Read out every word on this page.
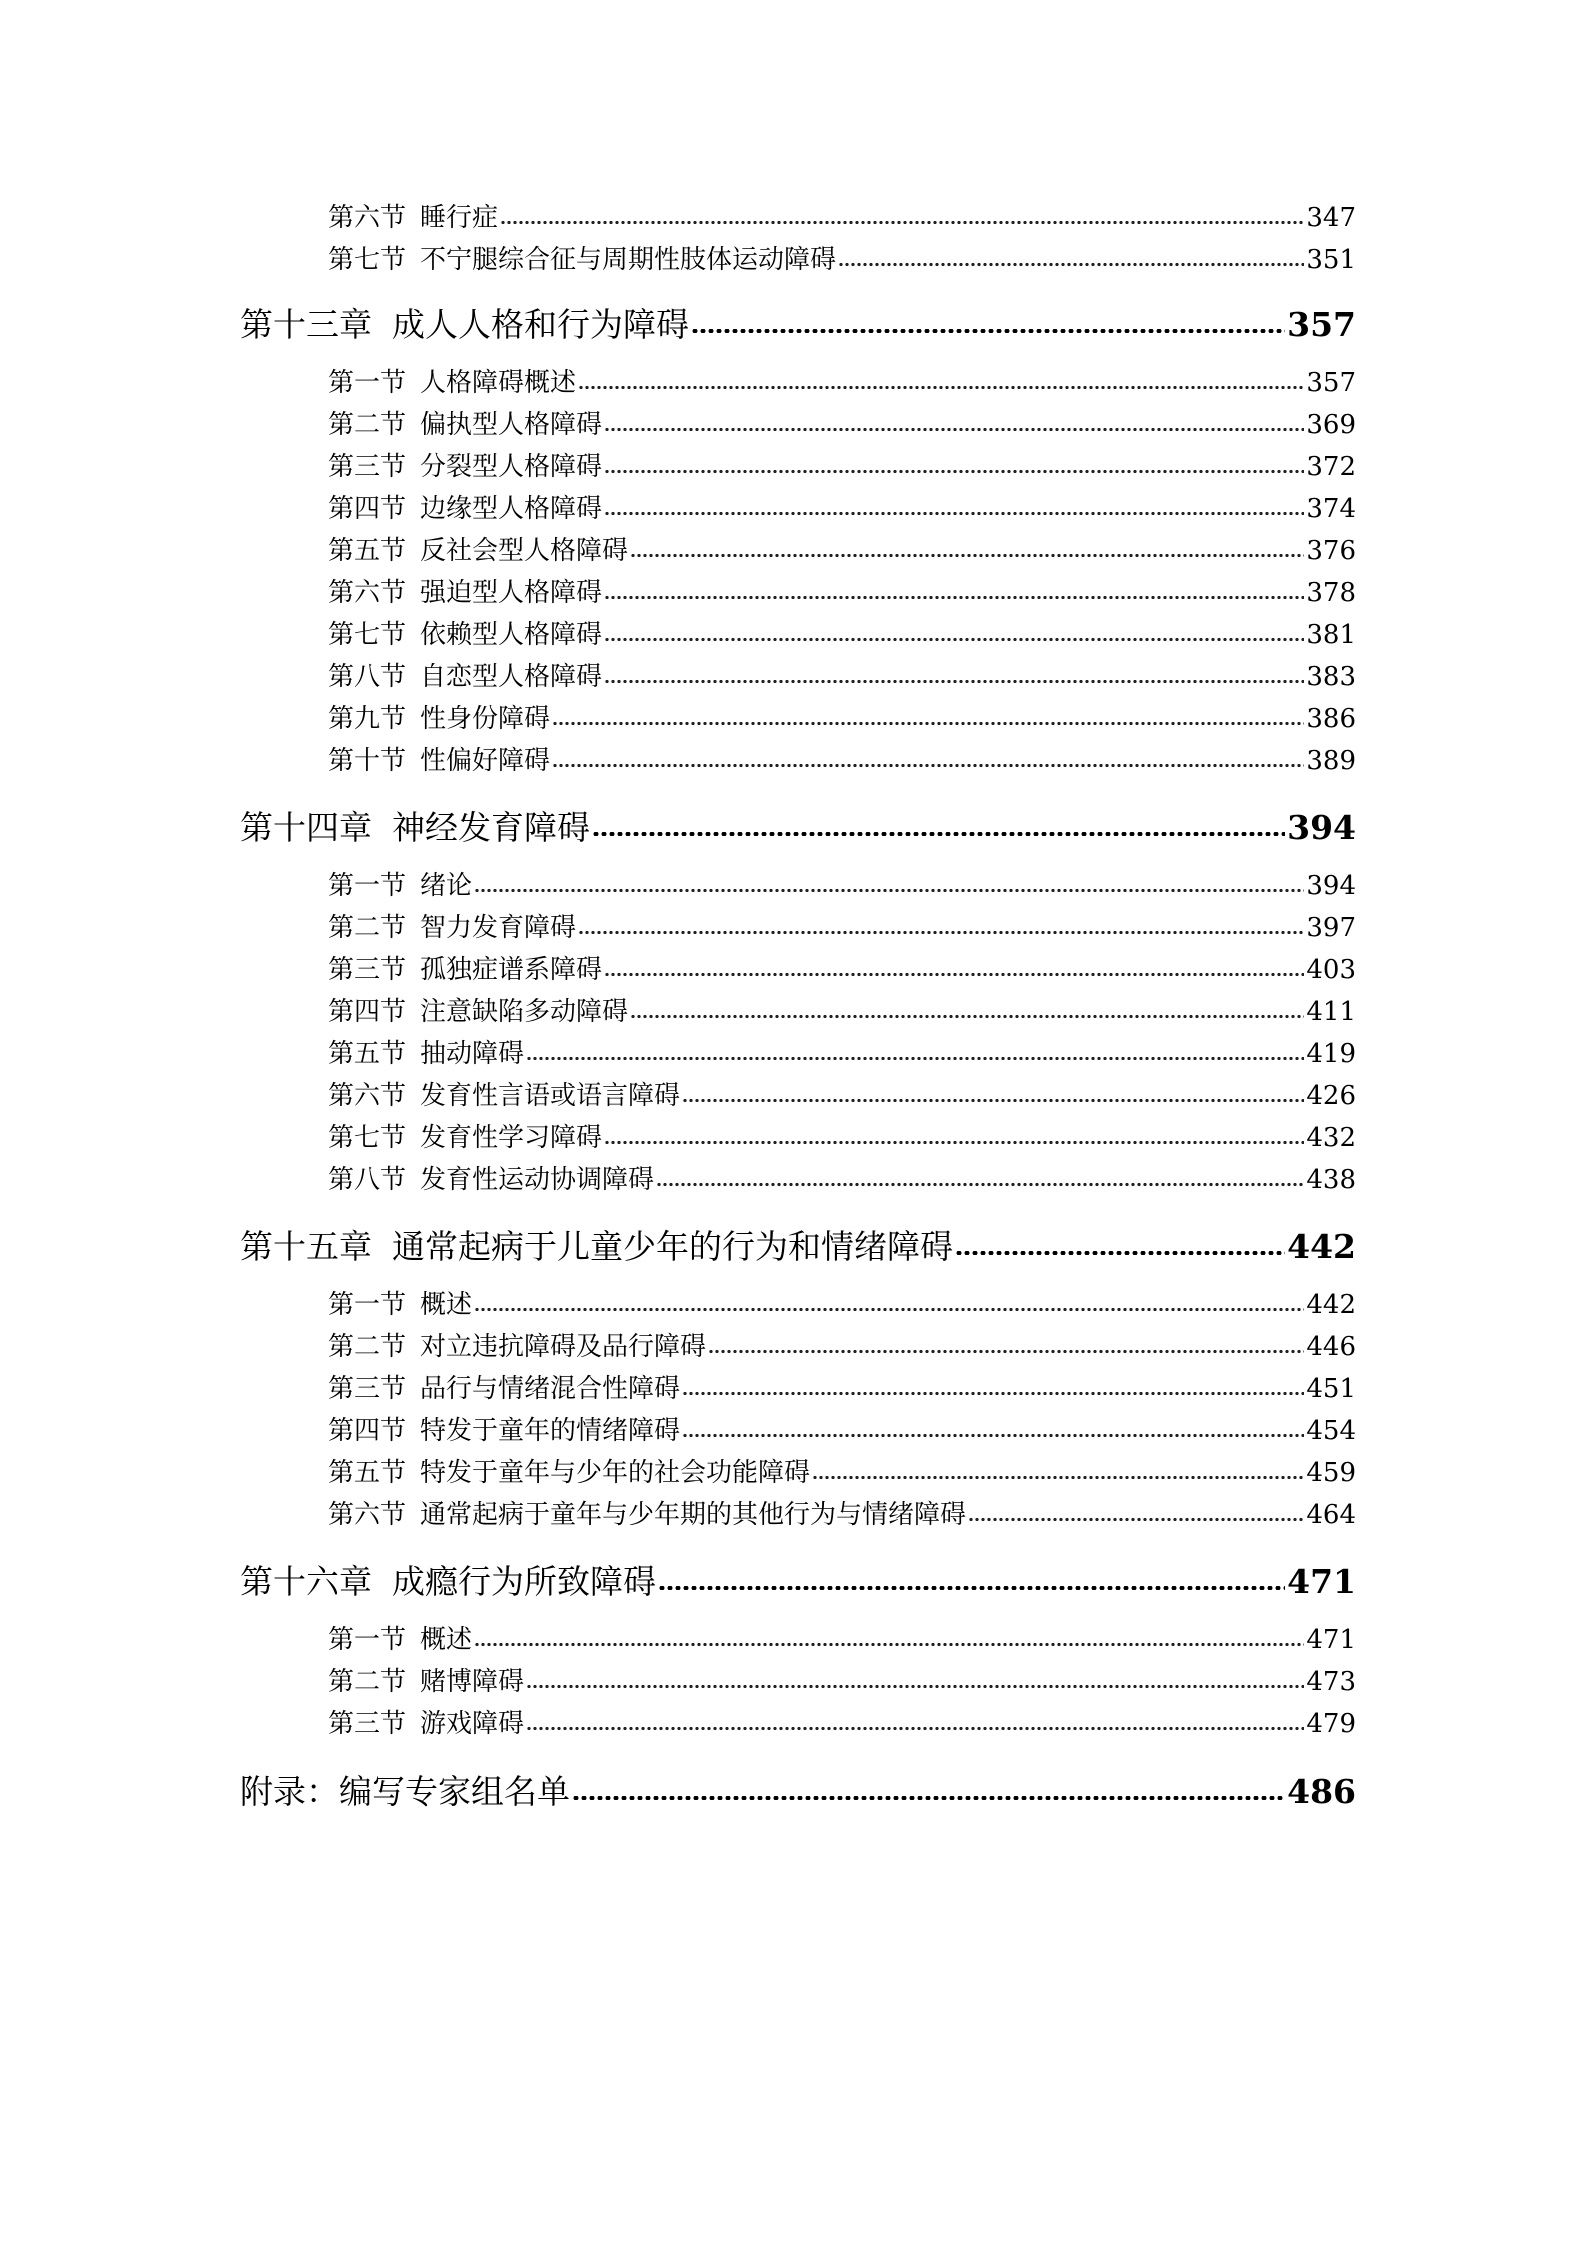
第六节 睡行症	347
第七节 不宁腿综合征与周期性肢体运动障碍	351
第十三章 成人人格和行为障碍	357
第一节 人格障碍概述	357
第二节 偏执型人格障碍	369
第三节 分裂型人格障碍	372
第四节 边缘型人格障碍	374
第五节 反社会型人格障碍	376
第六节 强迫型人格障碍	378
第七节 依赖型人格障碍	381
第八节 自恋型人格障碍	383
第九节 性身份障碍	386
第十节 性偏好障碍	389
第十四章 神经发育障碍	394
第一节 绪论	394
第二节 智力发育障碍	397
第三节 孤独症谱系障碍	403
第四节 注意缺陷多动障碍	411
第五节 抽动障碍	419
第六节 发育性言语或语言障碍	426
第七节 发育性学习障碍	432
第八节 发育性运动协调障碍	438
第十五章 通常起病于儿童少年的行为和情绪障碍	442
第一节 概述	442
第二节 对立违抗障碍及品行障碍	446
第三节 品行与情绪混合性障碍	451
第四节 特发于童年的情绪障碍	454
第五节 特发于童年与少年的社会功能障碍	459
第六节 通常起病于童年与少年期的其他行为与情绪障碍	464
第十六章 成瘾行为所致障碍	471
第一节 概述	471
第二节 赌博障碍	473
第三节 游戏障碍	479
附录：编写专家组名单	486
